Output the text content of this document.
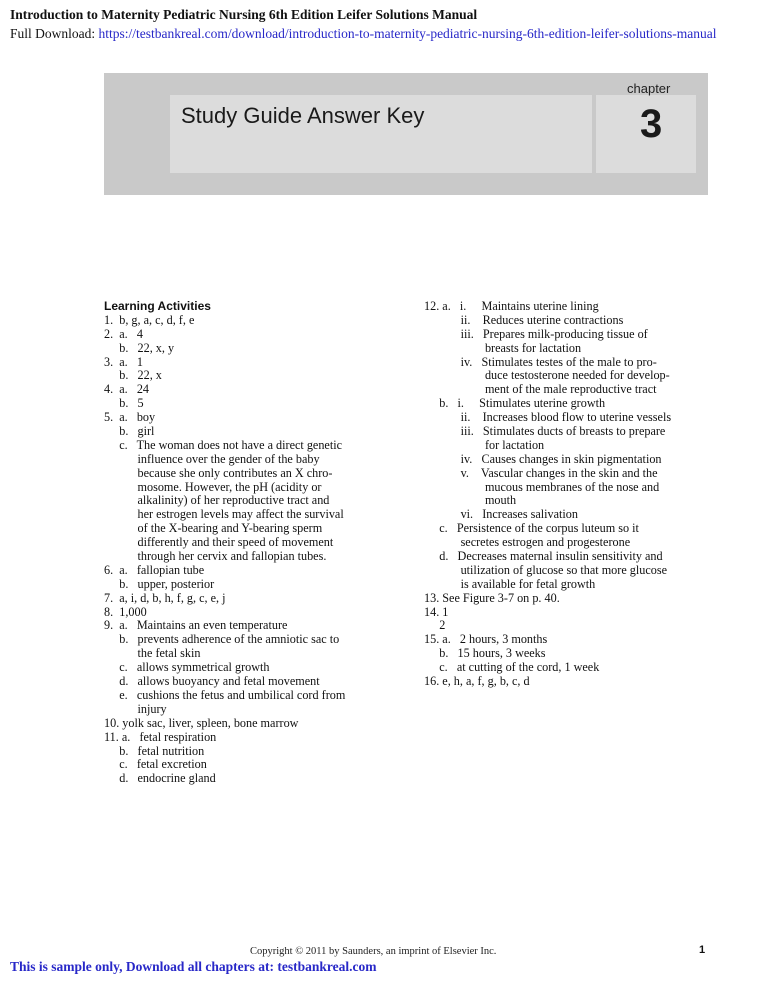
Introduction to Maternity Pediatric Nursing 6th Edition Leifer Solutions Manual
Full Download: https://testbankreal.com/download/introduction-to-maternity-pediatric-nursing-6th-edition-leifer-solutions-manual
Study Guide Answer Key
chapter
3
Learning Activities
1. b, g, a, c, d, f, e
2. a.   4

b.   22, x, y
3. a.   1

b.   22, x
4. a.   24

b.   5
5. a.   boy

b.   girl

c.   The woman does not have a direct genetic

influence over the gender of the baby

because she only contributes an X chro-

mosome. However, the pH (acidity or

alkalinity) of her reproductive tract and

her estrogen levels may affect the survival

of the X-bearing and Y-bearing sperm

differently and their speed of movement

through her cervix and fallopian tubes.
6. a.   fallopian tube

b.   upper, posterior
7. a, i, d, b, h, f, g, c, e, j
8. 1,000
9. a.   Maintains an even temperature

b.   prevents adherence of the amniotic sac to

the fetal skin

c.   allows symmetrical growth

d.   allows buoyancy and fetal movement

e.   cushions the fetus and umbilical cord from

injury
10. yolk sac, liver, spleen, bone marrow
11. a.   fetal respiration

b.   fetal nutrition

c.   fetal excretion

d.   endocrine gland
12. a.   i.     Maintains uterine lining

ii.    Reduces uterine contractions

iii.   Prepares milk-producing tissue of

breasts for lactation

iv.   Stimulates testes of the male to pro-

duce testosterone needed for develop-

ment of the male reproductive tract

b.   i.     Stimulates uterine growth

ii.    Increases blood flow to uterine vessels

iii.   Stimulates ducts of breasts to prepare

for lactation

iv.   Causes changes in skin pigmentation

v.    Vascular changes in the skin and the

mucous membranes of the nose and

mouth

vi.   Increases salivation

c.   Persistence of the corpus luteum so it

secretes estrogen and progesterone

d.   Decreases maternal insulin sensitivity and

utilization of glucose so that more glucose

is available for fetal growth
13. See Figure 3-7 on p. 40.
14. 1

2
15. a.   2 hours, 3 months

b.   15 hours, 3 weeks

c.   at cutting of the cord, 1 week
16. e, h, a, f, g, b, c, d
Copyright © 2011 by Saunders, an imprint of Elsevier Inc.	1
This is sample only, Download all chapters at: testbankreal.com
